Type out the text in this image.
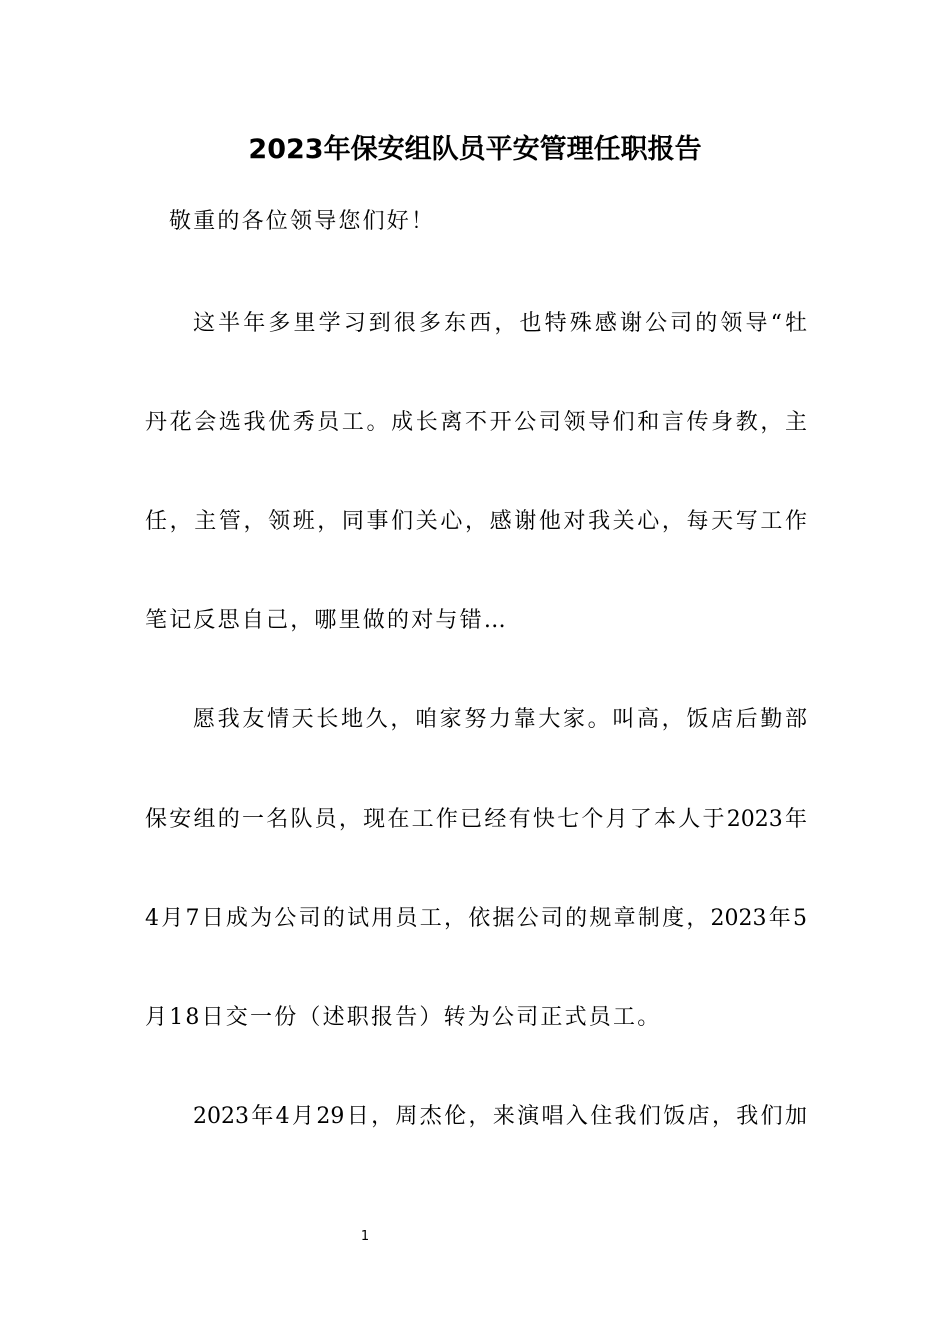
2023年保安组队员平安管理任职报告

敬重的各位领导您们好！

这半年多里学习到很多东西，也特殊感谢公司的领导“牡

丹花会选我优秀员工。成长离不开公司领导们和言传身教，主

任，主管，领班，同事们关心，感谢他对我关心，每天写工作

笔记反思自己，哪里做的对与错…

愿我友情天长地久，咱家努力靠大家。叫高，饭店后勤部

保安组的一名队员，现在工作已经有快七个月了本人于2023年

4月7日成为公司的试用员工，依据公司的规章制度，2023年5

月18日交一份（述职报告）转为公司正式员工。

2023年4月29日，周杰伦，来演唱入住我们饭店，我们加

1
